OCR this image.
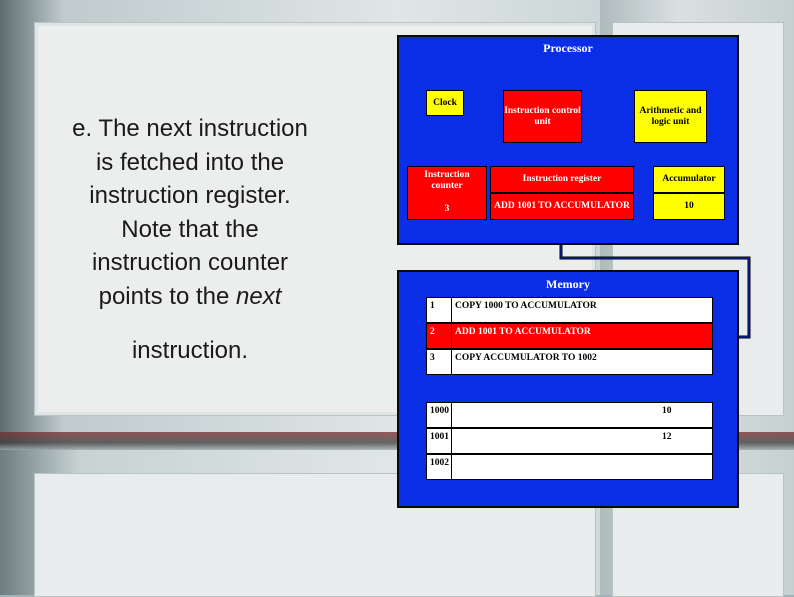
e. The next instruction
is fetched into the
instruction register.
Note that the
instruction counter
points to the next
instruction.
Processor
Clock
Instruction control unit
Arithmetic and logic unit
Instruction counter
3
Instruction register
ADD 1001 TO ACCUMULATOR
Accumulator
10
Memory
1	COPY 1000 TO ACCUMULATOR
2	ADD 1001 TO ACCUMULATOR
3	COPY ACCUMULATOR TO 1002
1000	10
1001	12
1002
